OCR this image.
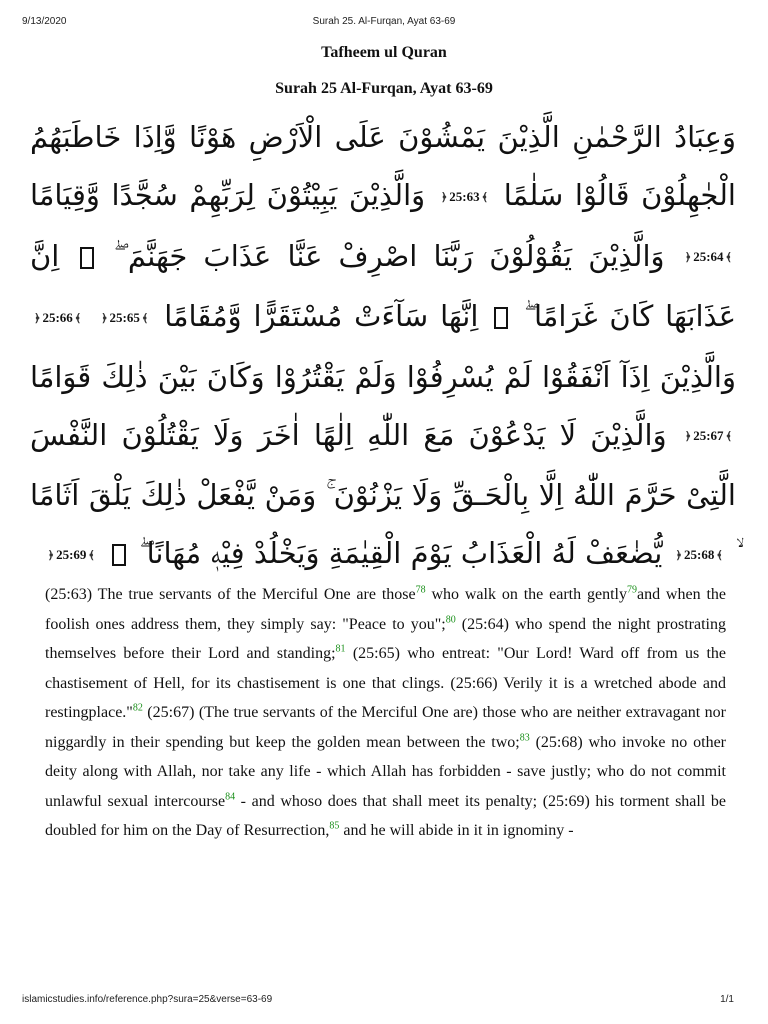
9/13/2020	Surah 25. Al-Furqan, Ayat 63-69
Tafheem ul Quran
Surah 25 Al-Furqan, Ayat 63-69
وَعِبَادُ الرَّحْمٰنِ الَّذِيْنَ يَمْشُوْنَ عَلَى الْاَرْضِ هَوْنًا وَّاِذَا خَاطَبَهُمُ الْجٰهِلُوْنَ قَالُوْا سَلٰمًا ﴿ 25:63 ﴾ وَالَّذِيْنَ يَبِيْتُوْنَ لِرَبِّهِمْ سُجَّدًا وَّقِيَامًا ﴿ 25:64 ﴾ وَالَّذِيْنَ يَقُوْلُوْنَ رَبَّنَا اصْرِفْ عَنَّا عَذَابَ جَهَنَّمَ ۖ  اِنَّ عَذَابَهَا كَانَ غَرَامًا ۖ  اِنَّهَا سَآءَتْ مُسْتَقَرًّا وَّمُقَامًا ﴿ 25:65 ﴾ ﴿ 25:66 ﴾ وَالَّذِيْنَ اِذَآ اَنْفَقُوْا لَمْ يُسْرِفُوْا وَلَمْ يَقْتُرُوْا وَكَانَ بَيْنَ ذٰلِكَ قَوَامًا ﴿ 25:67 ﴾ وَالَّذِيْنَ لَا يَدْعُوْنَ مَعَ اللّٰهِ اِلٰهًا اٰخَرَ وَلَا يَقْتُلُوْنَ النَّفْسَ الَّتِىْ حَرَّمَ اللّٰهُ اِلَّا بِالْحَـقِّ وَلَا يَزْنُوْنَ ۚ وَمَنْ يَّفْعَلْ ذٰلِكَ يَلْقَ اَثَامًا ﴿ 25:68 ﴾ يُّضٰعَفْ لَهُ الْعَذَابُ يَوْمَ الْقِيٰمَةِ وَيَخْلُدْ فِيْهٖ مُهَانًا ۖ  ﴿ 25:69 ﴾
(25:63) The true servants of the Merciful One are those$^{78}$ who walk on the earth gently$^{79}$and when the foolish ones address them, they simply say: "Peace to you";$^{80}$ (25:64) who spend the night prostrating themselves before their Lord and standing;$^{81}$ (25:65) who entreat: "Our Lord! Ward off from us the chastisement of Hell, for its chastisement is one that clings. (25:66) Verily it is a wretched abode and restingplace."$^{82}$ (25:67) (The true servants of the Merciful One are) those who are neither extravagant nor niggardly in their spending but keep the golden mean between the two;$^{83}$ (25:68) who invoke no other deity along with Allah, nor take any life - which Allah has forbidden - save justly; who do not commit unlawful sexual intercourse$^{84}$ - and whoso does that shall meet its penalty; (25:69) his torment shall be doubled for him on the Day of Resurrection,$^{85}$ and he will abide in it in ignominy -
islamicstudies.info/reference.php?sura=25&verse=63-69	1/1
